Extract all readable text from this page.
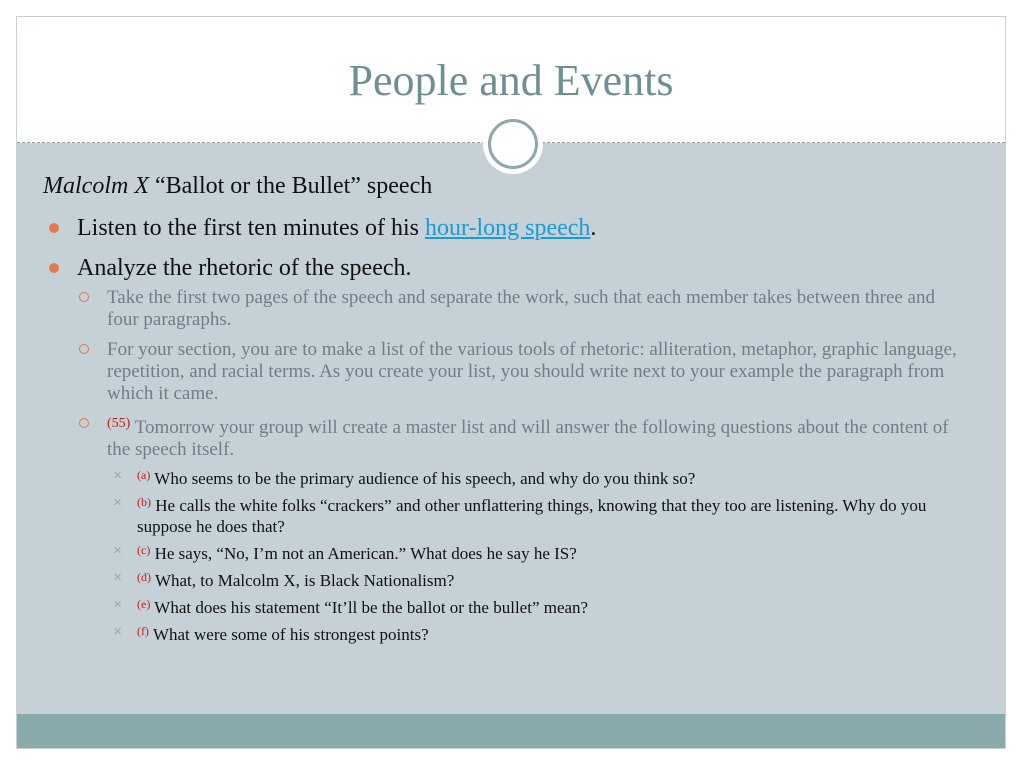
People and Events
Malcolm X “Ballot or the Bullet” speech
Listen to the first ten minutes of his hour-long speech.
Analyze the rhetoric of the speech.
Take the first two pages of the speech and separate the work, such that each member takes between three and four paragraphs.
For your section, you are to make a list of the various tools of rhetoric: alliteration, metaphor, graphic language, repetition, and racial terms. As you create your list, you should write next to your example the paragraph from which it came.
$^{(55)}$ Tomorrow your group will create a master list and will answer the following questions about the content of the speech itself.
✕ $^{(a)}$ Who seems to be the primary audience of his speech, and why do you think so?
✕ $^{(b)}$ He calls the white folks “crackers” and other unflattering things, knowing that they too are listening. Why do you suppose he does that?
✕ $^{(c)}$ He says, “No, I’m not an American.” What does he say he IS?
✕ $^{(d)}$ What, to Malcolm X, is Black Nationalism?
✕ $^{(e)}$ What does his statement “It’ll be the ballot or the bullet” mean?
✕ $^{(f)}$ What were some of his strongest points?
